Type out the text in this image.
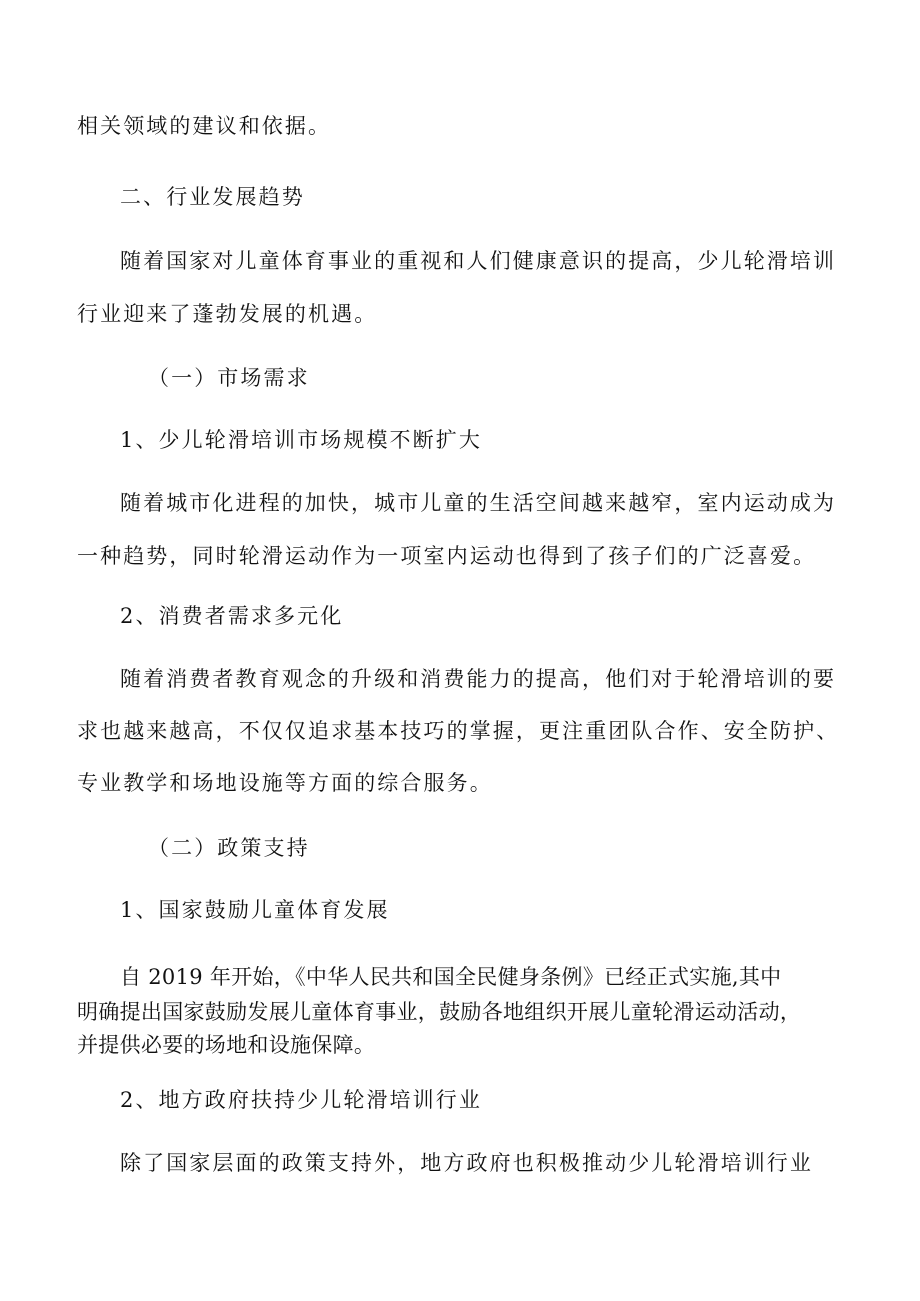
相关领域的建议和依据。
二、行业发展趋势
随着国家对儿童体育事业的重视和人们健康意识的提高，少儿轮滑培训
行业迎来了蓬勃发展的机遇。
（一）市场需求
1、少儿轮滑培训市场规模不断扩大
随着城市化进程的加快，城市儿童的生活空间越来越窄，室内运动成为
一种趋势，同时轮滑运动作为一项室内运动也得到了孩子们的广泛喜爱。
2、消费者需求多元化
随着消费者教育观念的升级和消费能力的提高，他们对于轮滑培训的要
求也越来越高，不仅仅追求基本技巧的掌握，更注重团队合作、安全防护、
专业教学和场地设施等方面的综合服务。
（二）政策支持
1、国家鼓励儿童体育发展
自 2019 年开始，《中华人民共和国全民健身条例》已经正式实施,其中
明确提出国家鼓励发展儿童体育事业，鼓励各地组织开展儿童轮滑运动活动，
并提供必要的场地和设施保障。
2、地方政府扶持少儿轮滑培训行业
除了国家层面的政策支持外，地方政府也积极推动少儿轮滑培训行业
